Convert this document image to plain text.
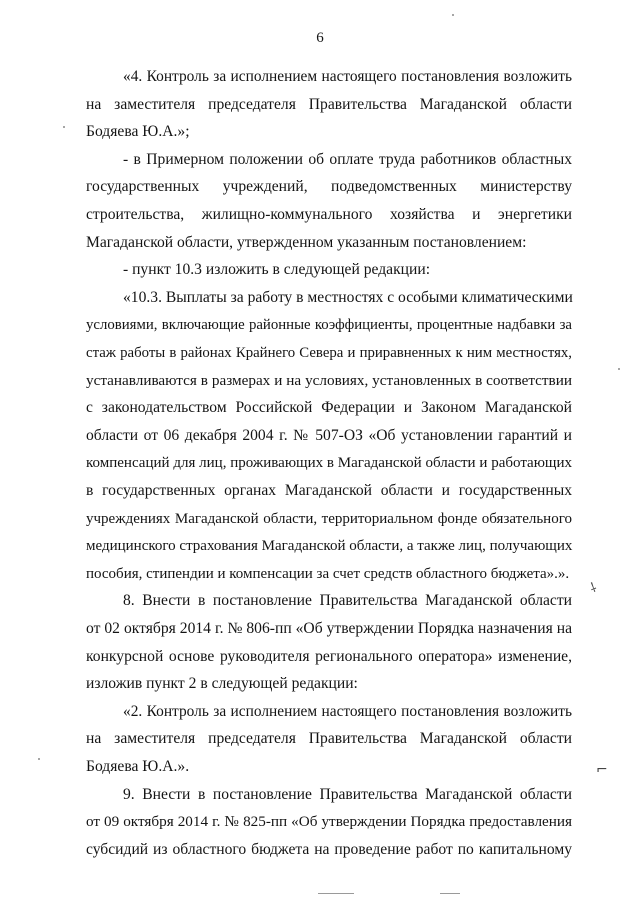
6
«4. Контроль за исполнением настоящего постановления возложить
на заместителя председателя Правительства Магаданской области
Бодяева Ю.А.»;
- в Примерном положении об оплате труда работников областных
государственных учреждений, подведомственных министерству
строительства, жилищно-коммунального хозяйства и энергетики
Магаданской области, утвержденном указанным постановлением:
- пункт 10.3 изложить в следующей редакции:
«10.3. Выплаты за работу в местностях с особыми климатическими
условиями, включающие районные коэффициенты, процентные надбавки за
стаж работы в районах Крайнего Севера и приравненных к ним местностях,
устанавливаются в размерах и на условиях, установленных в соответствии
с законодательством Российской Федерации и Законом Магаданской
области от 06 декабря 2004 г. № 507-ОЗ «Об установлении гарантий и
компенсаций для лиц, проживающих в Магаданской области и работающих
в государственных органах Магаданской области и государственных
учреждениях Магаданской области, территориальном фонде обязательного
медицинского страхования Магаданской области, а также лиц, получающих
пособия, стипендии и компенсации за счет средств областного бюджета».».
8. Внести в постановление Правительства Магаданской области
от 02 октября 2014 г. № 806-пп «Об утверждении Порядка назначения на
конкурсной основе руководителя регионального оператора» изменение,
изложив пункт 2 в следующей редакции:
«2. Контроль за исполнением настоящего постановления возложить
на заместителя председателя Правительства Магаданской области
Бодяева Ю.А.».
9. Внести в постановление Правительства Магаданской области
от 09 октября 2014 г. № 825-пп «Об утверждении Порядка предоставления
субсидий из областного бюджета на проведение работ по капитальному
⸸
⌐
